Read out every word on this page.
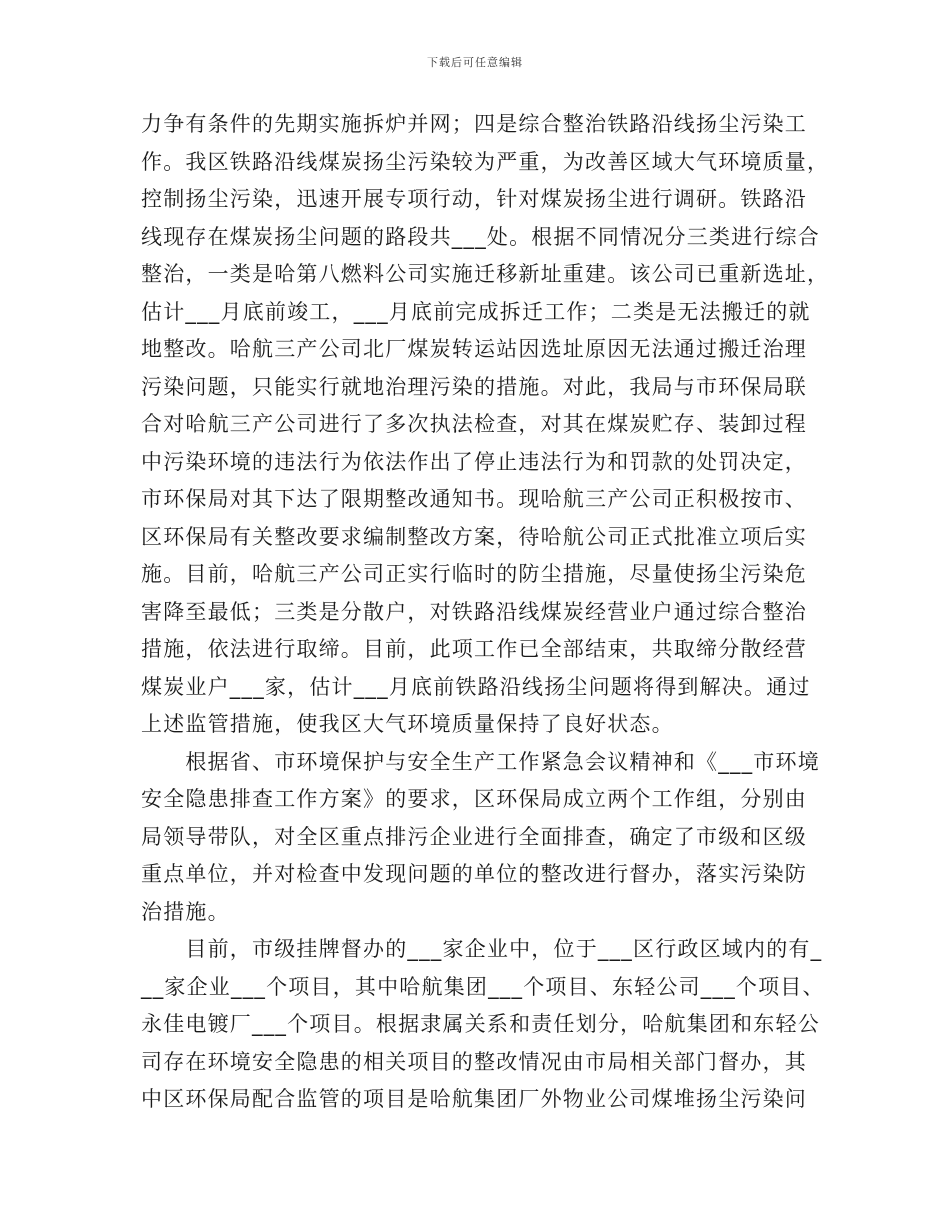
下载后可任意编辑
力争有条件的先期实施拆炉并网；四是综合整治铁路沿线扬尘污染工
作。我区铁路沿线煤炭扬尘污染较为严重，为改善区域大气环境质量，
控制扬尘污染，迅速开展专项行动，针对煤炭扬尘进行调研。铁路沿
线现存在煤炭扬尘问题的路段共___处。根据不同情况分三类进行综合
整治，一类是哈第八燃料公司实施迁移新址重建。该公司已重新选址，
估计___月底前竣工，___月底前完成拆迁工作；二类是无法搬迁的就
地整改。哈航三产公司北厂煤炭转运站因选址原因无法通过搬迁治理
污染问题，只能实行就地治理污染的措施。对此，我局与市环保局联
合对哈航三产公司进行了多次执法检查，对其在煤炭贮存、装卸过程
中污染环境的违法行为依法作出了停止违法行为和罚款的处罚决定，
市环保局对其下达了限期整改通知书。现哈航三产公司正积极按市、
区环保局有关整改要求编制整改方案，待哈航公司正式批准立项后实
施。目前，哈航三产公司正实行临时的防尘措施，尽量使扬尘污染危
害降至最低；三类是分散户，对铁路沿线煤炭经营业户通过综合整治
措施，依法进行取缔。目前，此项工作已全部结束，共取缔分散经营
煤炭业户___家，估计___月底前铁路沿线扬尘问题将得到解决。通过
上述监管措施，使我区大气环境质量保持了良好状态。
　　根据省、市环境保护与安全生产工作紧急会议精神和《___市环境
安全隐患排查工作方案》的要求，区环保局成立两个工作组，分别由
局领导带队，对全区重点排污企业进行全面排查，确定了市级和区级
重点单位，并对检查中发现问题的单位的整改进行督办，落实污染防
治措施。
　　目前，市级挂牌督办的___家企业中，位于___区行政区域内的有_
__家企业___个项目，其中哈航集团___个项目、东轻公司___个项目、
永佳电镀厂___个项目。根据隶属关系和责任划分，哈航集团和东轻公
司存在环境安全隐患的相关项目的整改情况由市局相关部门督办，其
中区环保局配合监管的项目是哈航集团厂外物业公司煤堆扬尘污染问
